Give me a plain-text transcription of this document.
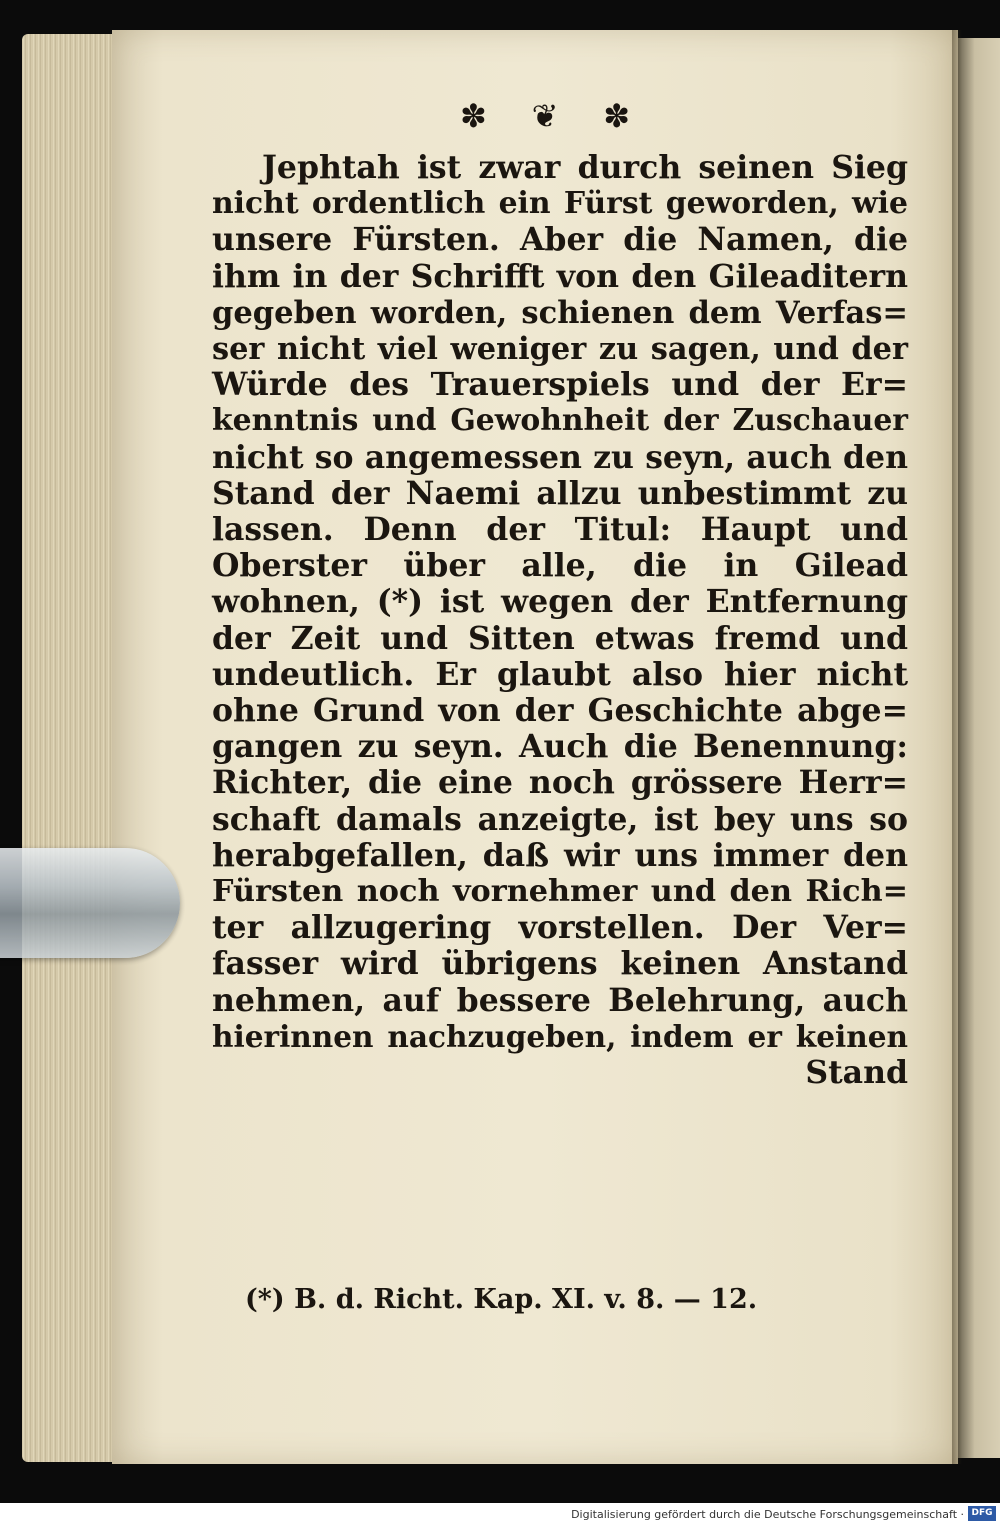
✽ ❦ ✽
Jephtah ist zwar durch seinen Sieg
nicht ordentlich ein Fürst geworden, wie
unsere Fürsten. Aber die Namen, die
ihm in der Schrifft von den Gileaditern
gegeben worden, schienen dem Verfas=
ser nicht viel weniger zu sagen, und der
Würde des Trauerspiels und der Er=
kenntnis und Gewohnheit der Zuschauer
nicht so angemessen zu seyn, auch den
Stand der Naemi allzu unbestimmt zu
lassen. Denn der Titul: Haupt und
Oberster über alle, die in Gilead
wohnen, (*) ist wegen der Entfernung
der Zeit und Sitten etwas fremd und
undeutlich. Er glaubt also hier nicht
ohne Grund von der Geschichte abge=
gangen zu seyn. Auch die Benennung:
Richter, die eine noch grössere Herr=
schaft damals anzeigte, ist bey uns so
herabgefallen, daß wir uns immer den
Fürsten noch vornehmer und den Rich=
ter allzugering vorstellen. Der Ver=
fasser wird übrigens keinen Anstand
nehmen, auf bessere Belehrung, auch
hierinnen nachzugeben, indem er keinen
Stand
(*) B. d. Richt. Kap. XI. v. 8. — 12.
Digitalisierung gefördert durch die Deutsche Forschungsgemeinschaft · DFG
